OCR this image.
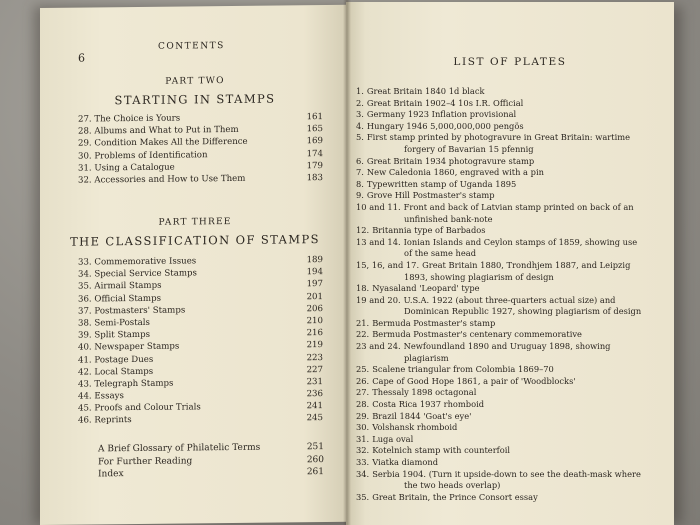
6
CONTENTS
PART TWO
STARTING IN STAMPS
27. The Choice is Yours	161
28. Albums and What to Put in Them	165
29. Condition Makes All the Difference	169
30. Problems of Identification	174
31. Using a Catalogue	179
32. Accessories and How to Use Them	183
PART THREE
THE CLASSIFICATION OF STAMPS
33. Commemorative Issues	189
34. Special Service Stamps	194
35. Airmail Stamps	197
36. Official Stamps	201
37. Postmasters' Stamps	206
38. Semi-Postals	210
39. Split Stamps	216
40. Newspaper Stamps	219
41. Postage Dues	223
42. Local Stamps	227
43. Telegraph Stamps	231
44. Essays	236
45. Proofs and Colour Trials	241
46. Reprints	245
A Brief Glossary of Philatelic Terms	251
For Further Reading	260
Index	261
LIST OF PLATES
1. Great Britain 1840 1d black
2. Great Britain 1902–4 10s I.R. Official
3. Germany 1923 Inflation provisional
4. Hungary 1946 5,000,000,000 pengös
5. First stamp printed by photogravure in Great Britain: wartime
forgery of Bavarian 15 pfennig
6. Great Britain 1934 photogravure stamp
7. New Caledonia 1860, engraved with a pin
8. Typewritten stamp of Uganda 1895
9. Grove Hill Postmaster's stamp
10 and 11. Front and back of Latvian stamp printed on back of an
unfinished bank-note
12. Britannia type of Barbados
13 and 14. Ionian Islands and Ceylon stamps of 1859, showing use
of the same head
15, 16, and 17. Great Britain 1880, Trondhjem 1887, and Leipzig
1893, showing plagiarism of design
18. Nyasaland 'Leopard' type
19 and 20. U.S.A. 1922 (about three-quarters actual size) and
Dominican Republic 1927, showing plagiarism of design
21. Bermuda Postmaster's stamp
22. Bermuda Postmaster's centenary commemorative
23 and 24. Newfoundland 1890 and Uruguay 1898, showing
plagiarism
25. Scalene triangular from Colombia 1869–70
26. Cape of Good Hope 1861, a pair of 'Woodblocks'
27. Thessaly 1898 octagonal
28. Costa Rica 1937 rhomboid
29. Brazil 1844 'Goat's eye'
30. Volshansk rhomboid
31. Luga oval
32. Kotelnich stamp with counterfoil
33. Viatka diamond
34. Serbia 1904. (Turn it upside-down to see the death-mask where
the two heads overlap)
35. Great Britain, the Prince Consort essay
